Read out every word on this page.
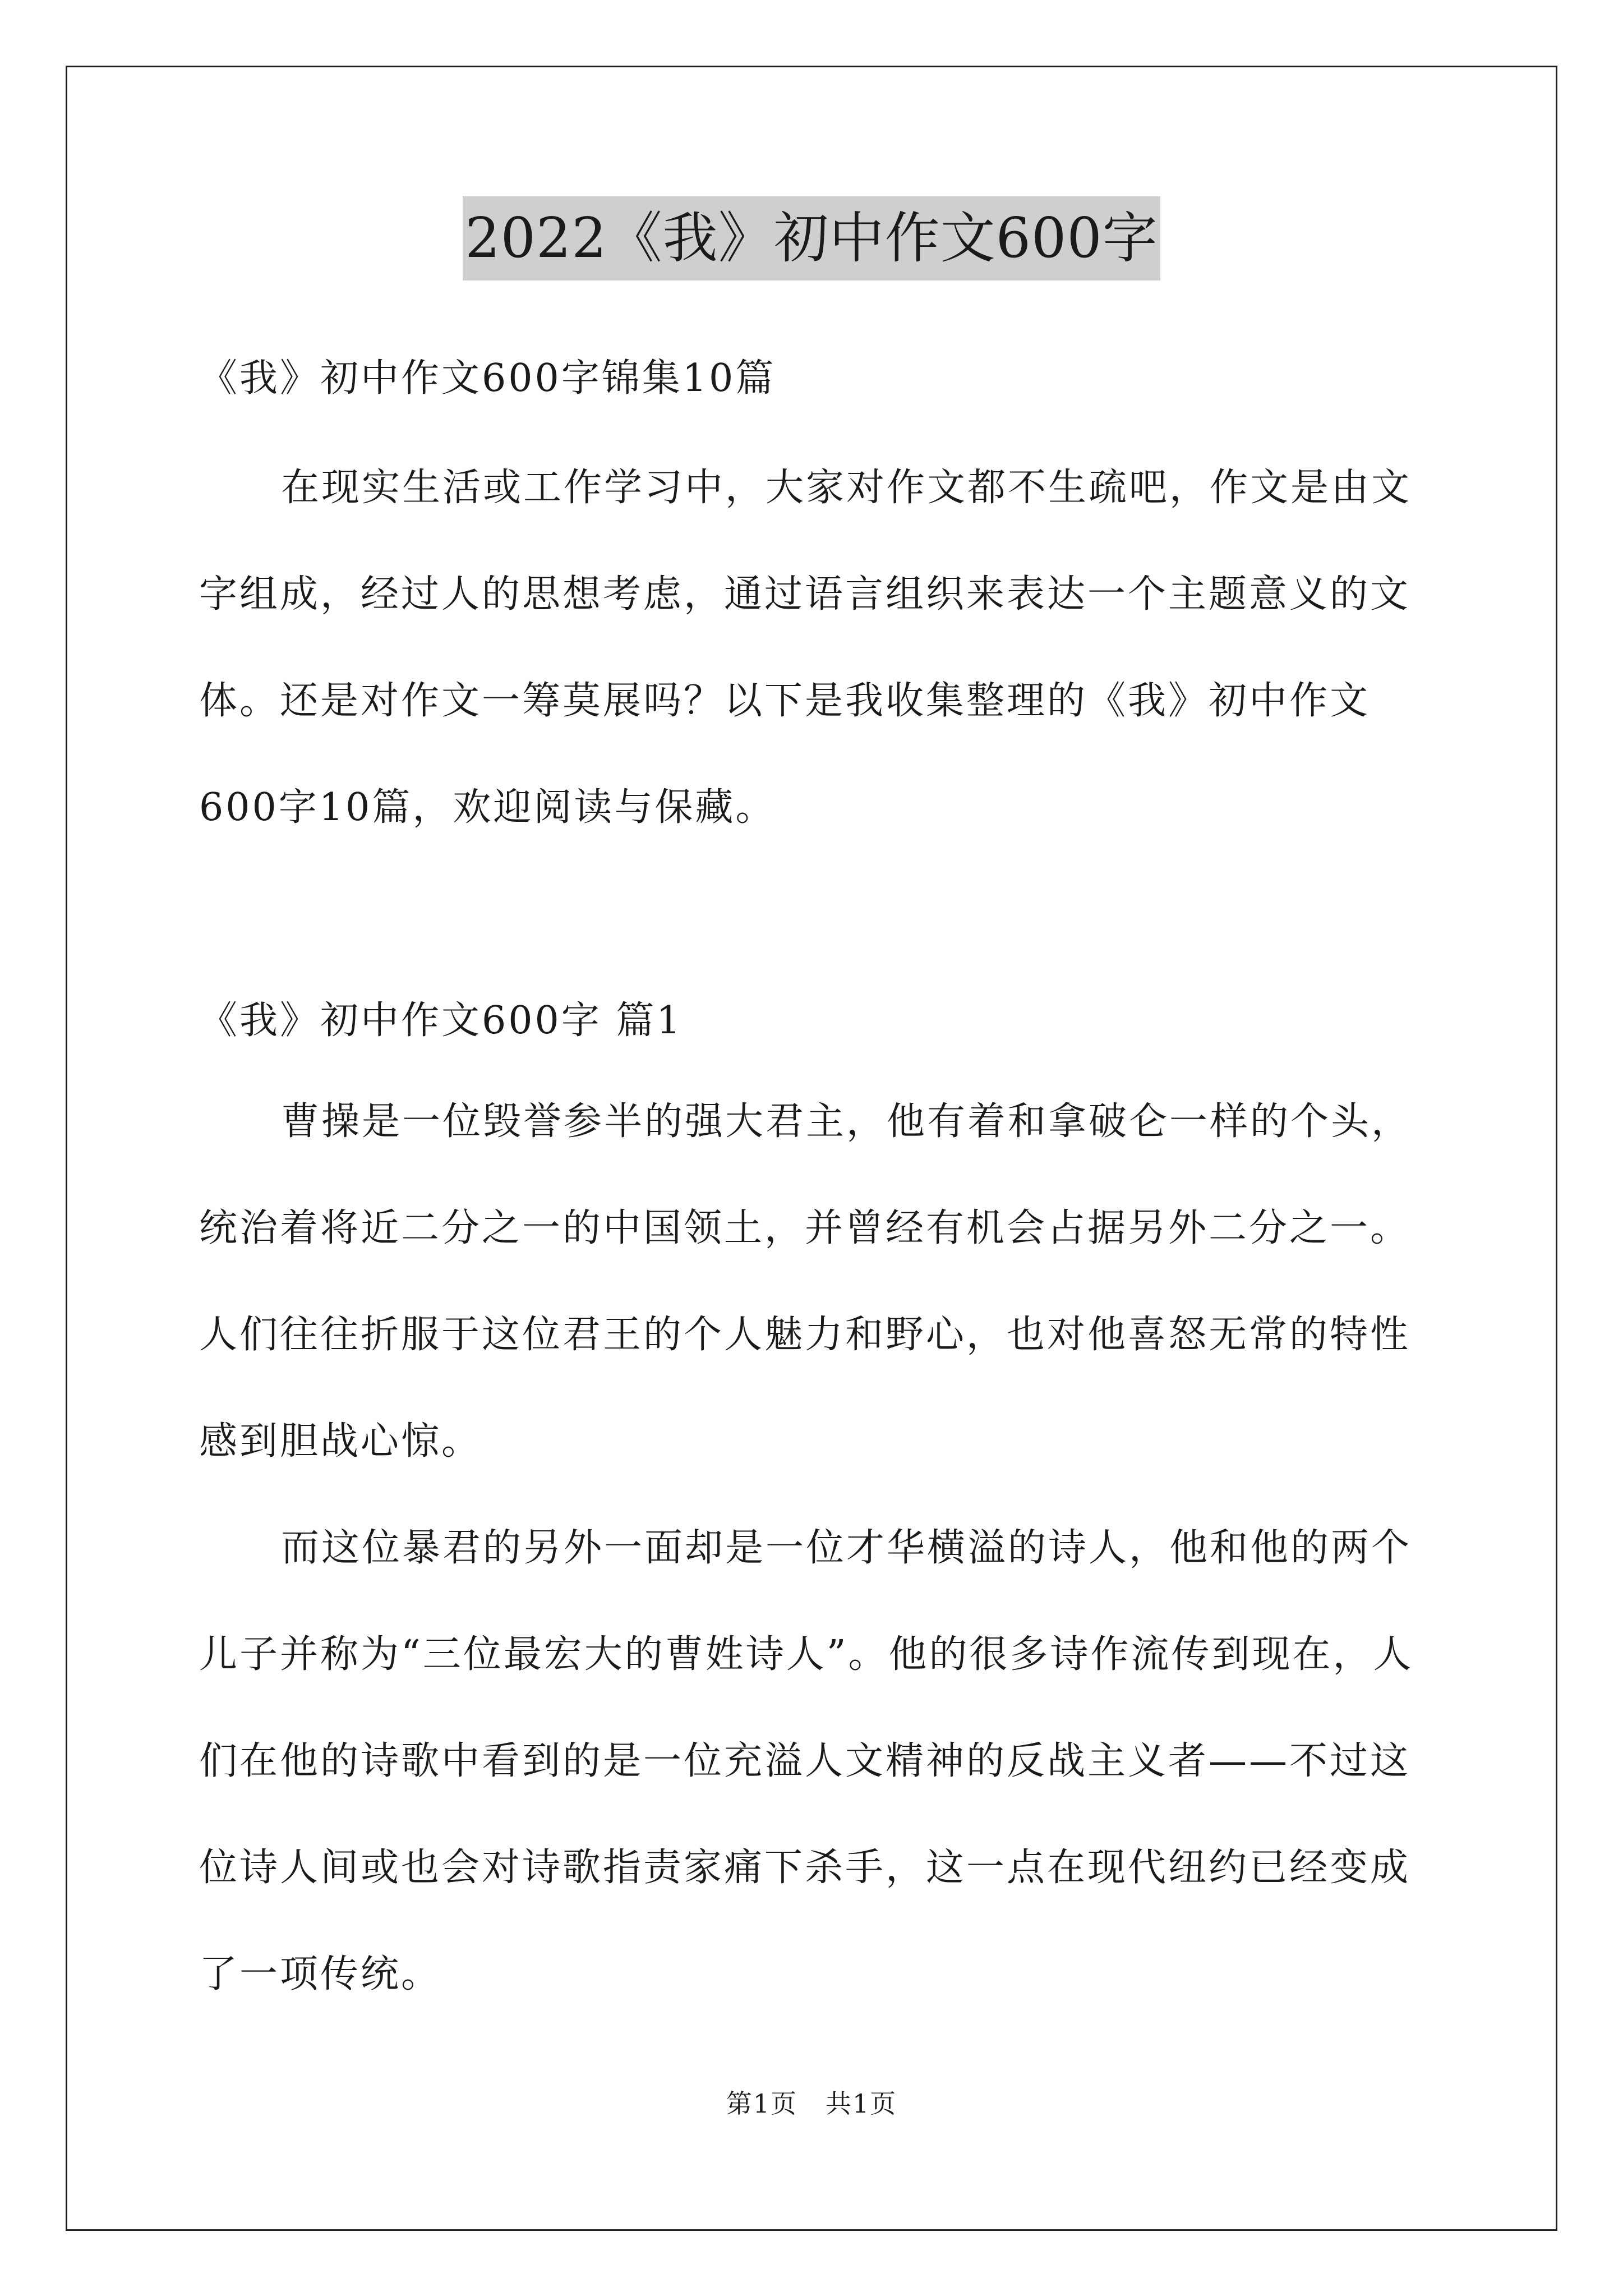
2022《我》初中作文600字
《我》初中作文600字锦集10篇
在现实生活或工作学习中，大家对作文都不生疏吧，作文是由文字组成，经过人的思想考虑，通过语言组织来表达一个主题意义的文体。还是对作文一筹莫展吗？以下是我收集整理的《我》初中作文600字10篇，欢迎阅读与保藏。
《我》初中作文600字 篇1
曹操是一位毁誉参半的强大君主，他有着和拿破仑一样的个头，统治着将近二分之一的中国领土，并曾经有机会占据另外二分之一。人们往往折服于这位君王的个人魅力和野心，也对他喜怒无常的特性感到胆战心惊。
而这位暴君的另外一面却是一位才华横溢的诗人，他和他的两个儿子并称为“三位最宏大的曹姓诗人”。他的很多诗作流传到现在，人们在他的诗歌中看到的是一位充溢人文精神的反战主义者——不过这位诗人间或也会对诗歌指责家痛下杀手，这一点在现代纽约已经变成了一项传统。
第1页 共1页
